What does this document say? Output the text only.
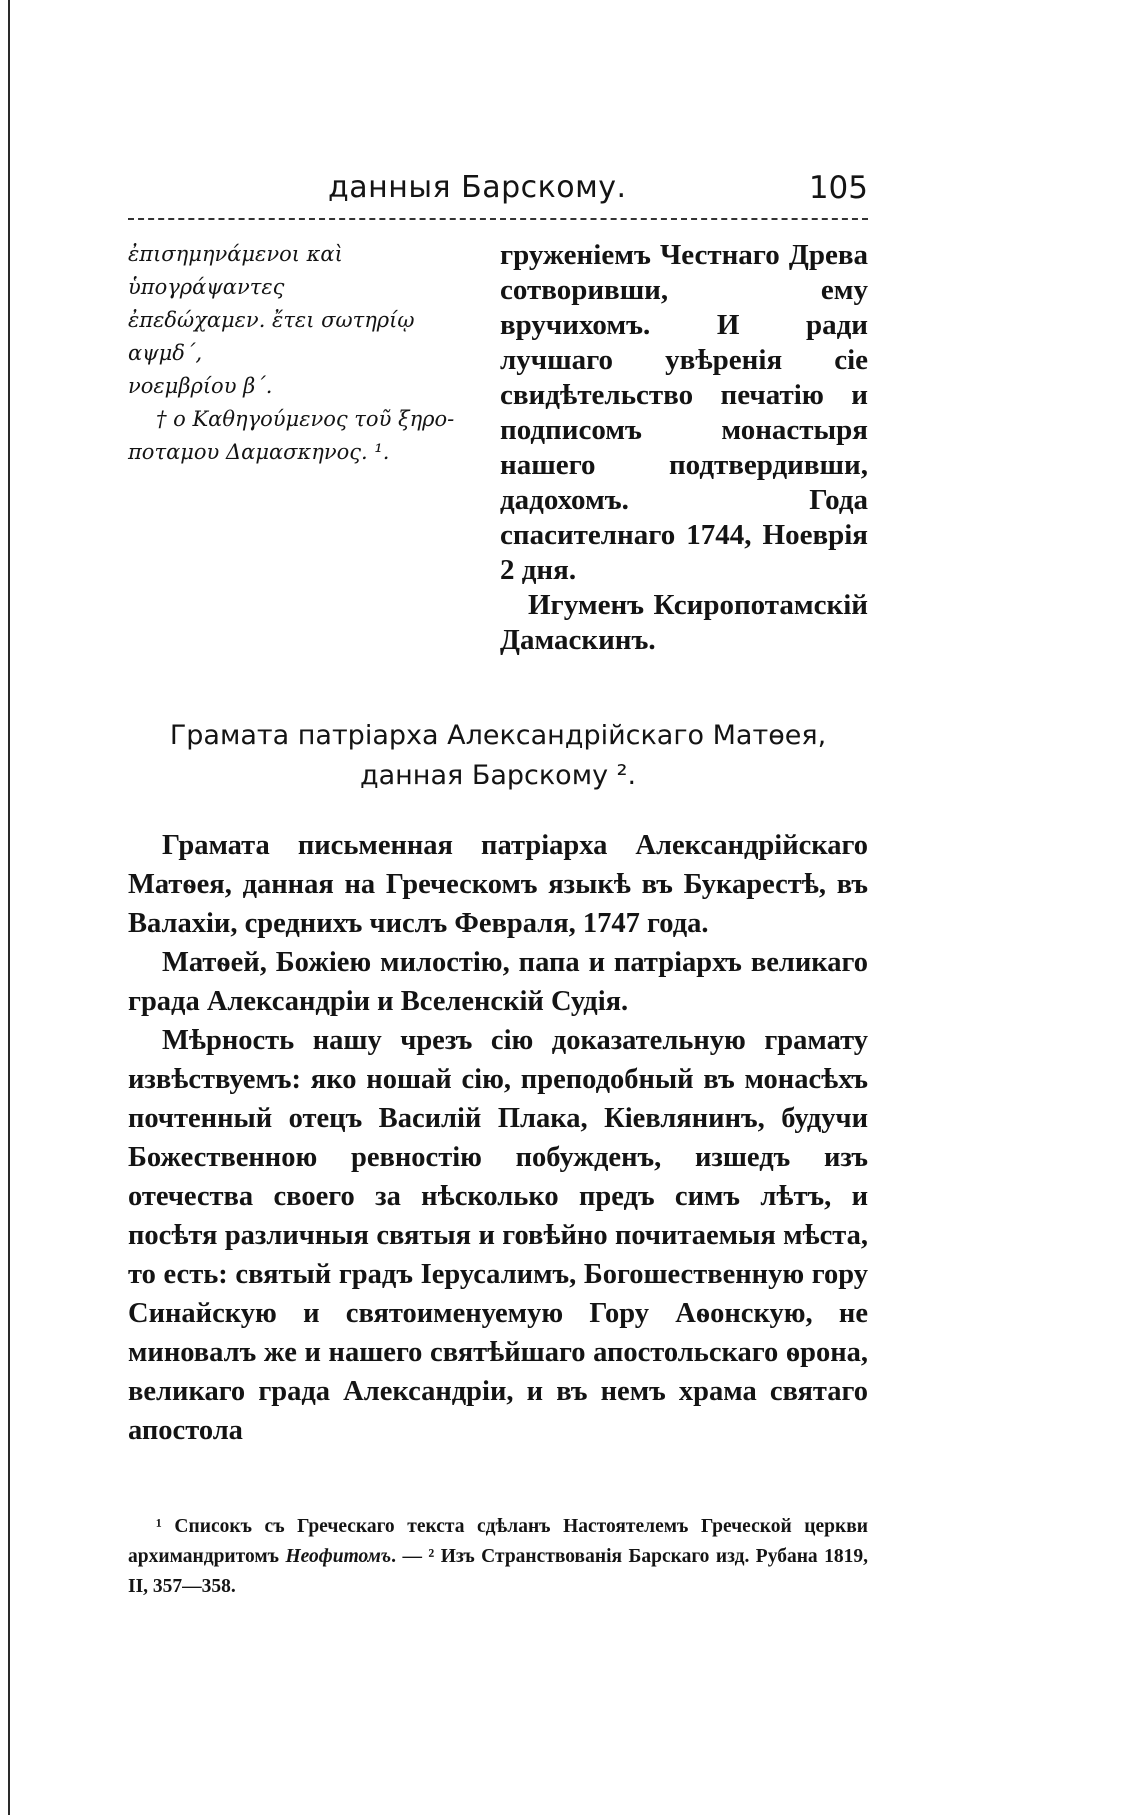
данныя Барскому.	105

ἐπισημηνάμενοι καὶ ὑπογράψαντες

ἐπεδώχαμεν. ἔτει σωτηρίῳ αψμδ΄,

νοεμβρίου β΄.

† ο Καθηγούμενος τοῦ ξηρο-

ποταμου Δαμασκηνος. ¹.

груженіемъ Честнаго Древа сотворивши, ему вручихомъ. И ради лучшаго увѣренія сіе свидѣтельство печатію и подписомъ монастыря нашего подтвердивши, дадохомъ. Года спасителнаго 1744, Ноеврія 2 дня.

Игуменъ Ксиропотамскій Дамаскинъ.

Грамата патріарха Александрійскаго Матѳея,
данная Барскому ².

Грамата письменная патріарха Александрійскаго Матѳея, данная на Греческомъ языкѣ въ Букарестѣ, въ Валахіи, среднихъ числъ Февраля, 1747 года.

Матѳей, Божіею милостію, папа и патріархъ великаго града Александріи и Вселенскій Судія.

Мѣрность нашу чрезъ сію доказательную грамату извѣствуемъ: яко ношай сію, преподобный въ монасѣхъ почтенный отецъ Василій Плака, Кіевлянинъ, будучи Божественною ревностію побужденъ, изшедъ изъ отечества своего за нѣсколько предъ симъ лѣтъ, и посѣтя различныя святыя и говѣйно почитаемыя мѣста, то есть: святый градъ Іерусалимъ, Богошественную гору Синайскую и святоименуемую Гору Аѳонскую, не миновалъ же и нашего святѣйшаго апостольскаго ѳрона, великаго града Александріи, и въ немъ храма святаго апостола

¹ Списокъ съ Греческаго текста сдѣланъ Настоятелемъ Греческой церкви архимандритомъ Неофитомъ. — ² Изъ Странствованія Барскаго изд. Рубана 1819, II, 357—358.
